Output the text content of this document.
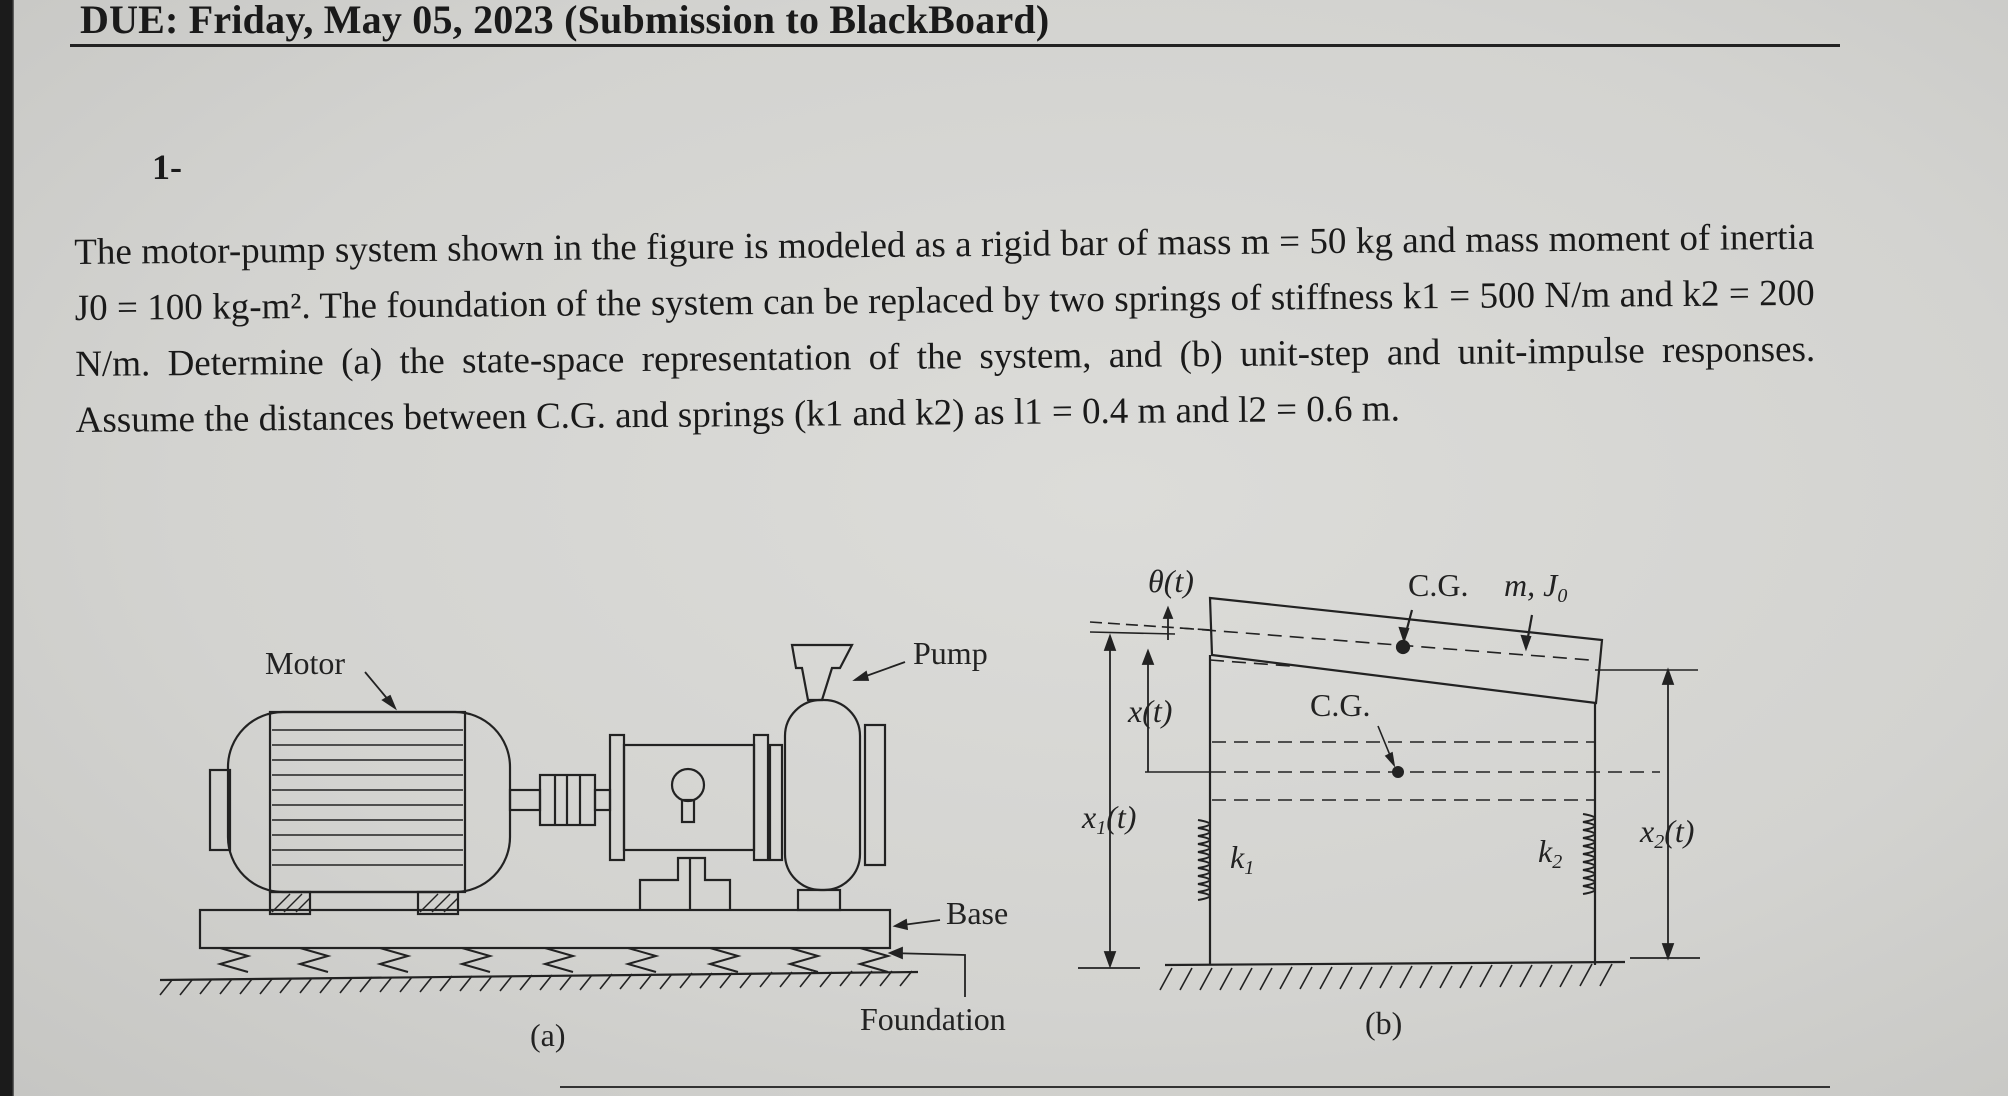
DUE: Friday, May 05, 2023 (Submission to BlackBoard)
1-
The motor-pump system shown in the figure is modeled as a rigid bar of mass m = 50 kg and mass moment of inertia J0 = 100 kg-m². The foundation of the system can be replaced by two springs of stiffness k1 = 500 N/m and k2 = 200 N/m. Determine (a) the state-space representation of the system, and (b) unit-step and unit-impulse responses. Assume the distances between C.G. and springs (k1 and k2) as l1 = 0.4 m and l2 = 0.6 m.
Motor	Pump
Base
Foundation
(a)
θ(t)	C.G. m, J0
x(t)	C.G.
x1(t)
k1	k2
x2(t)
(b)
